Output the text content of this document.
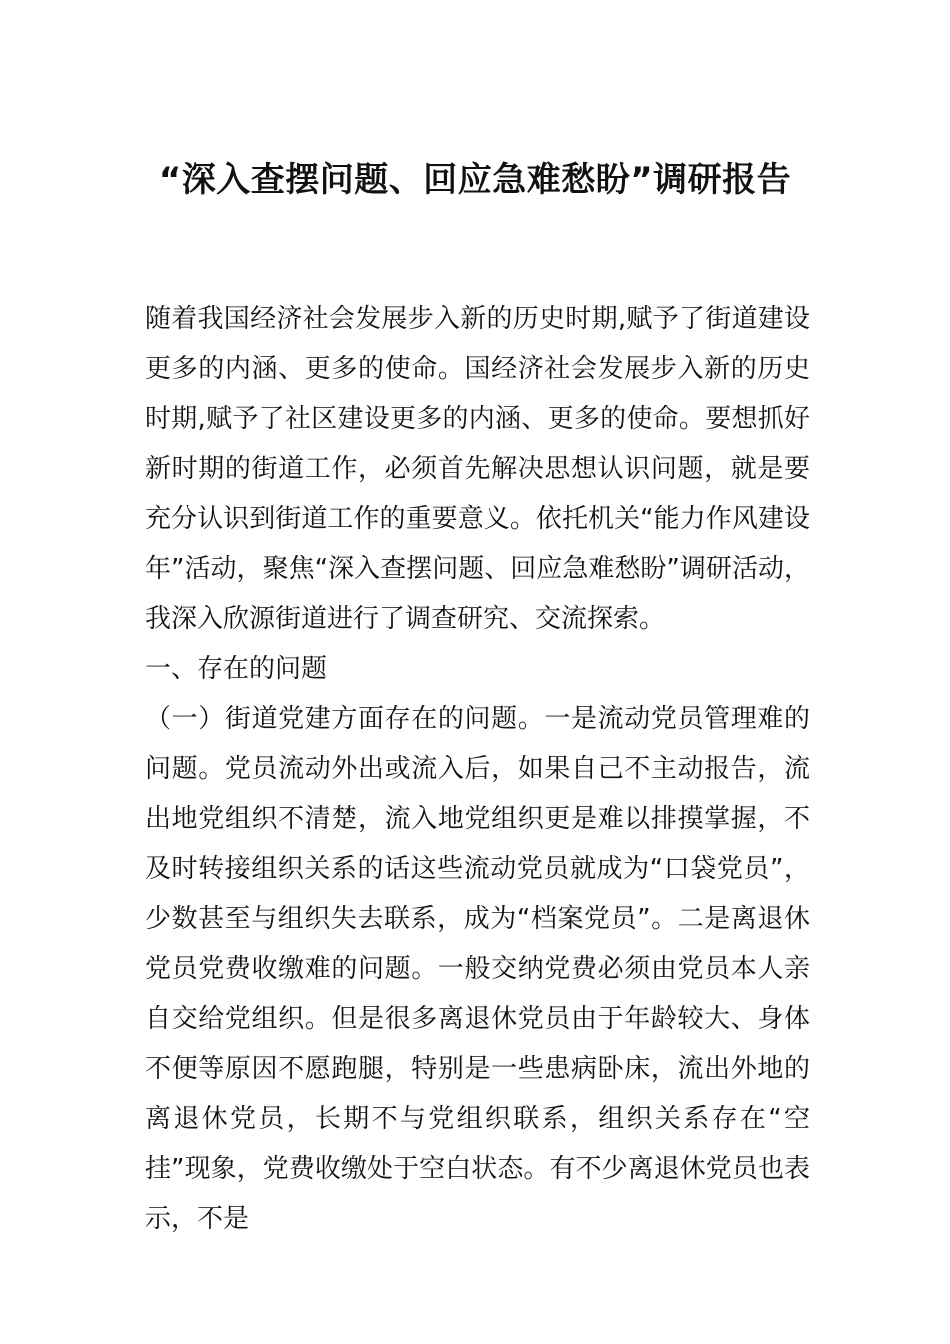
“深入查摆问题、回应急难愁盼”调研报告

随着我国经济社会发展步入新的历史时期,赋予了街道建设更多的内涵、更多的使命。国经济社会发展步入新的历史时期,赋予了社区建设更多的内涵、更多的使命。要想抓好新时期的街道工作，必须首先解决思想认识问题，就是要充分认识到街道工作的重要意义。依托机关“能力作风建设年”活动，聚焦“深入查摆问题、回应急难愁盼”调研活动，我深入欣源街道进行了调查研究、交流探索。

一、存在的问题

（一）街道党建方面存在的问题。一是流动党员管理难的问题。党员流动外出或流入后，如果自己不主动报告，流出地党组织不清楚，流入地党组织更是难以排摸掌握，不及时转接组织关系的话这些流动党员就成为“口袋党员”，少数甚至与组织失去联系，成为“档案党员”。二是离退休党员党费收缴难的问题。一般交纳党费必须由党员本人亲自交给党组织。但是很多离退休党员由于年龄较大、身体不便等原因不愿跑腿，特别是一些患病卧床，流出外地的离退休党员，长期不与党组织联系，组织关系存在“空挂”现象，党费收缴处于空白状态。有不少离退休党员也表示，不是
